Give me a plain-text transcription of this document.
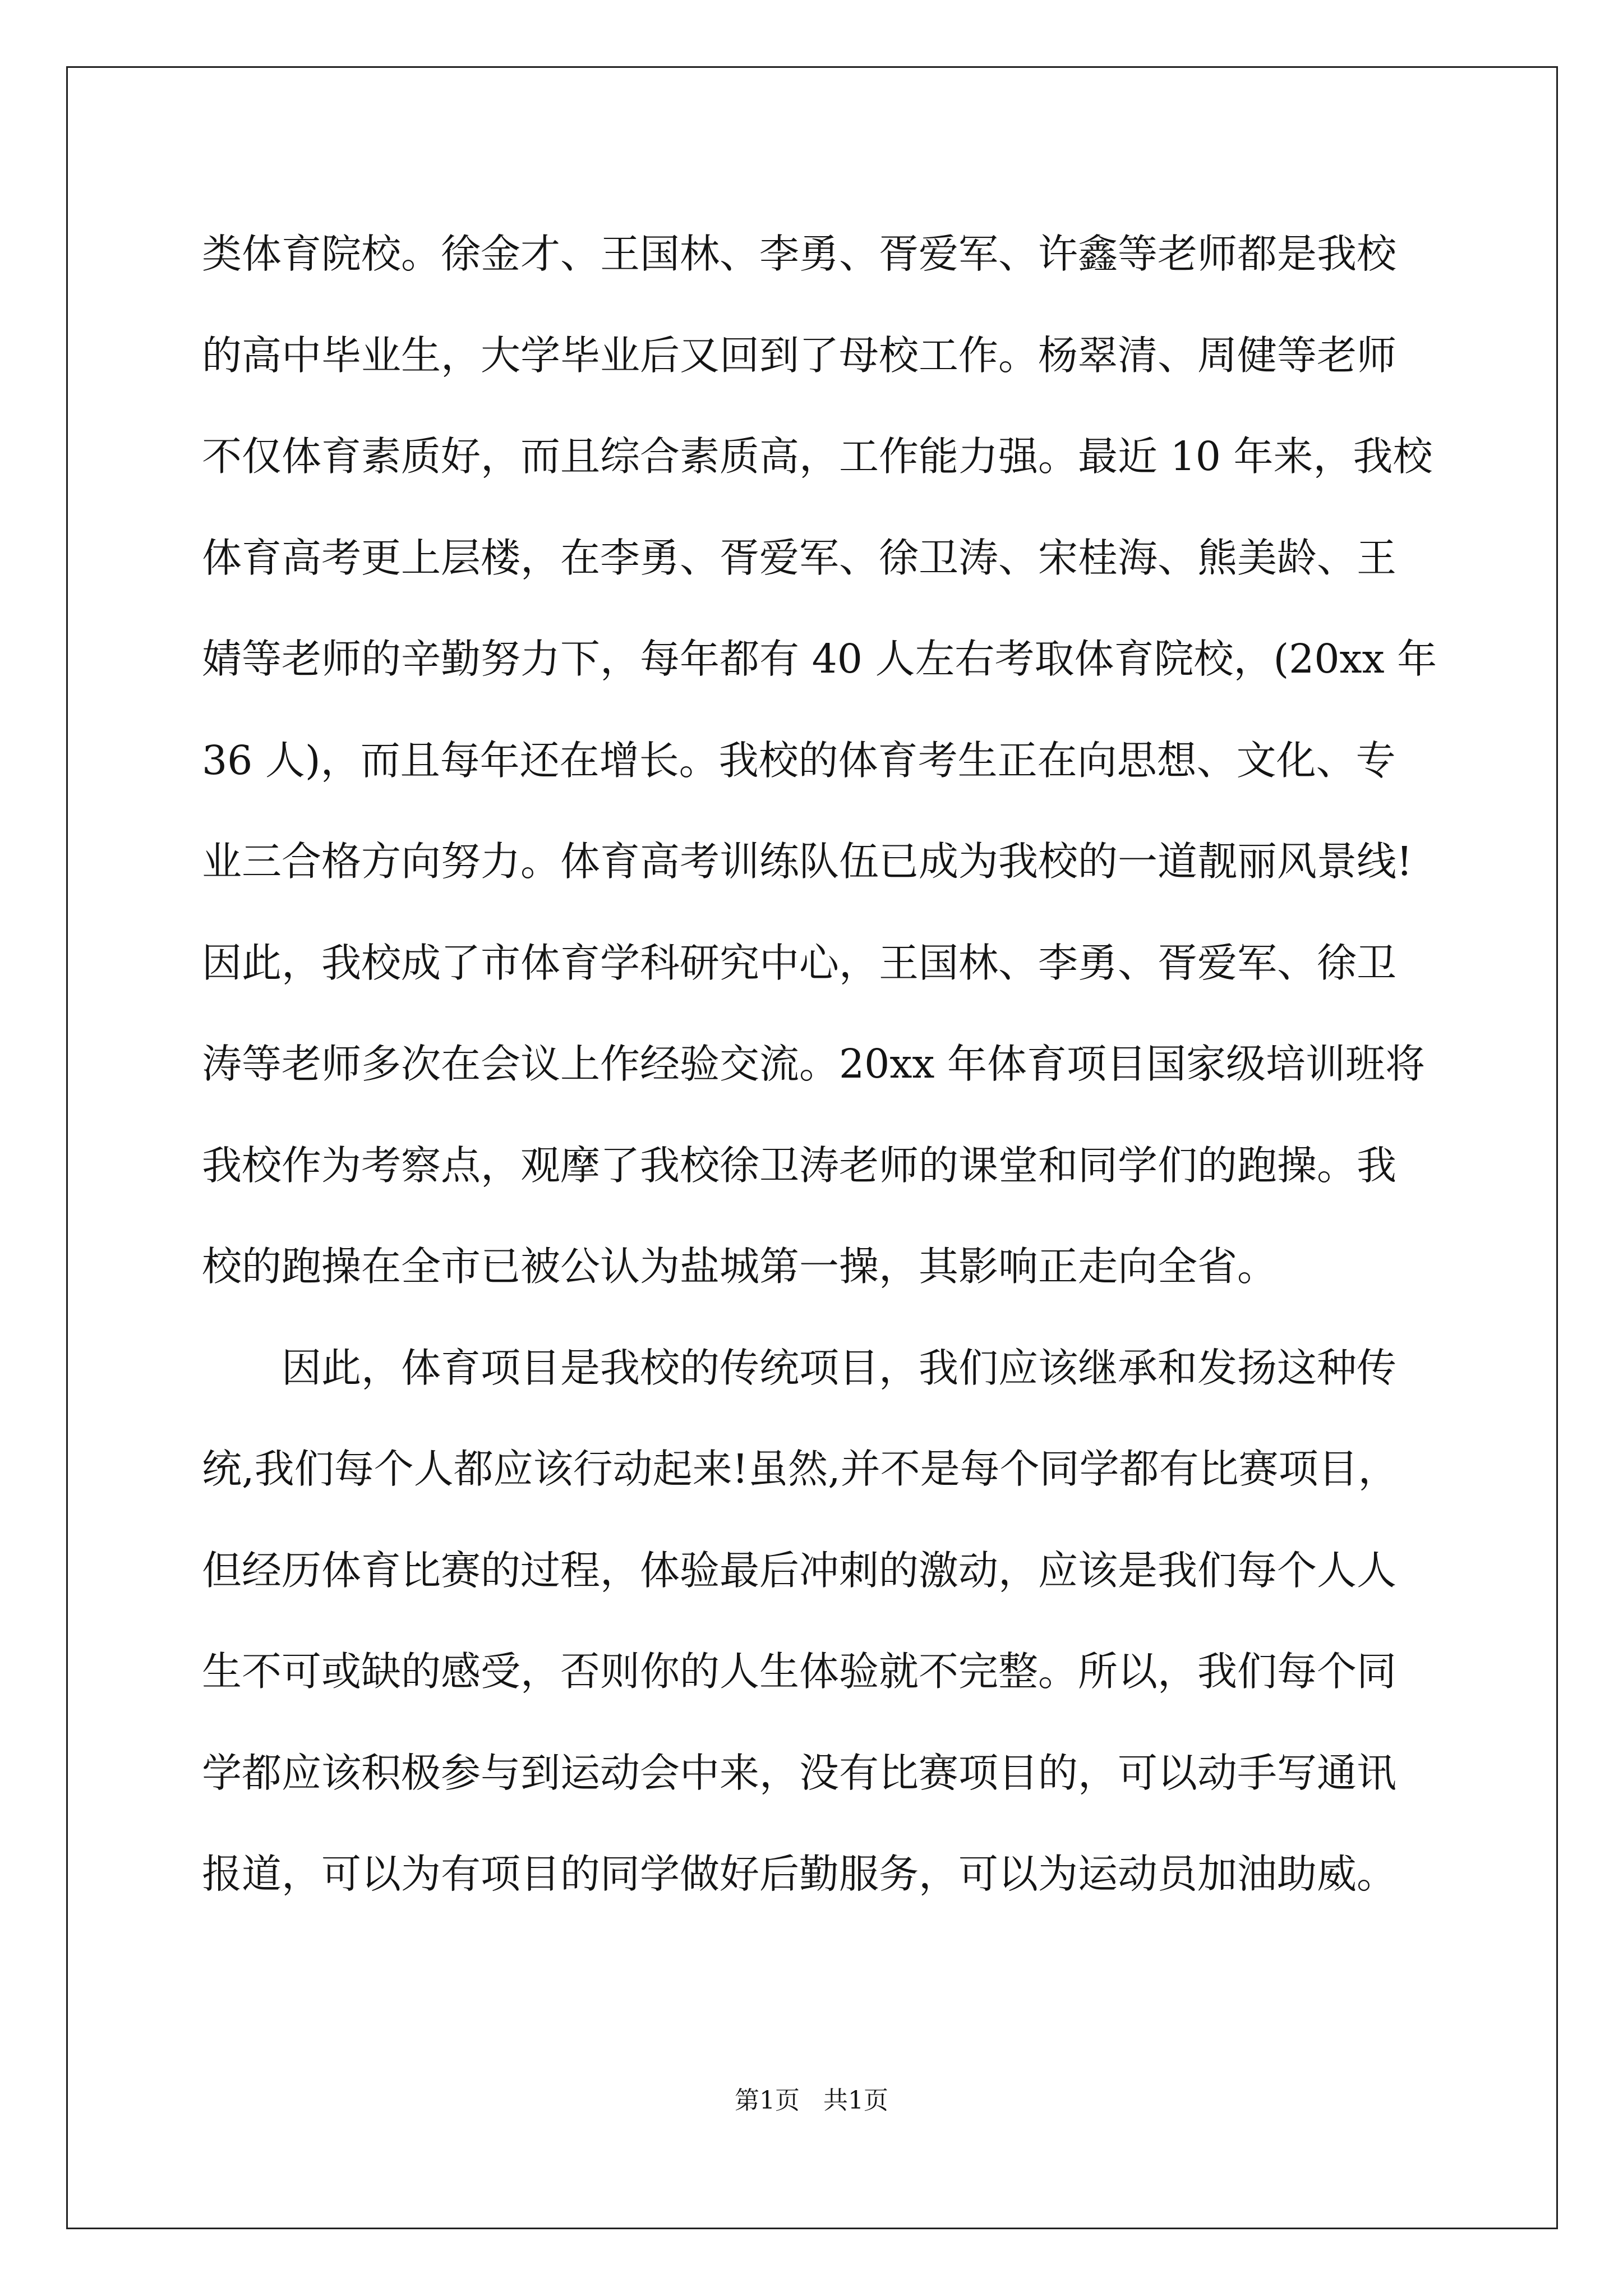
类体育院校。徐金才、王国林、李勇、胥爱军、许鑫等老师都是我校
的高中毕业生，大学毕业后又回到了母校工作。杨翠清、周健等老师
不仅体育素质好，而且综合素质高，工作能力强。最近 10 年来，我校
体育高考更上层楼，在李勇、胥爱军、徐卫涛、宋桂海、熊美龄、王
婧等老师的辛勤努力下，每年都有 40 人左右考取体育院校，(20xx 年
36 人)，而且每年还在增长。我校的体育考生正在向思想、文化、专
业三合格方向努力。体育高考训练队伍已成为我校的一道靓丽风景线!
因此，我校成了市体育学科研究中心，王国林、李勇、胥爱军、徐卫
涛等老师多次在会议上作经验交流。20xx 年体育项目国家级培训班将
我校作为考察点，观摩了我校徐卫涛老师的课堂和同学们的跑操。我
校的跑操在全市已被公认为盐城第一操，其影响正走向全省。
因此，体育项目是我校的传统项目，我们应该继承和发扬这种传
统,我们每个人都应该行动起来!虽然,并不是每个同学都有比赛项目，
但经历体育比赛的过程，体验最后冲刺的激动，应该是我们每个人人
生不可或缺的感受，否则你的人生体验就不完整。所以，我们每个同
学都应该积极参与到运动会中来，没有比赛项目的，可以动手写通讯
报道，可以为有项目的同学做好后勤服务，可以为运动员加油助威。
第1页   共1页
